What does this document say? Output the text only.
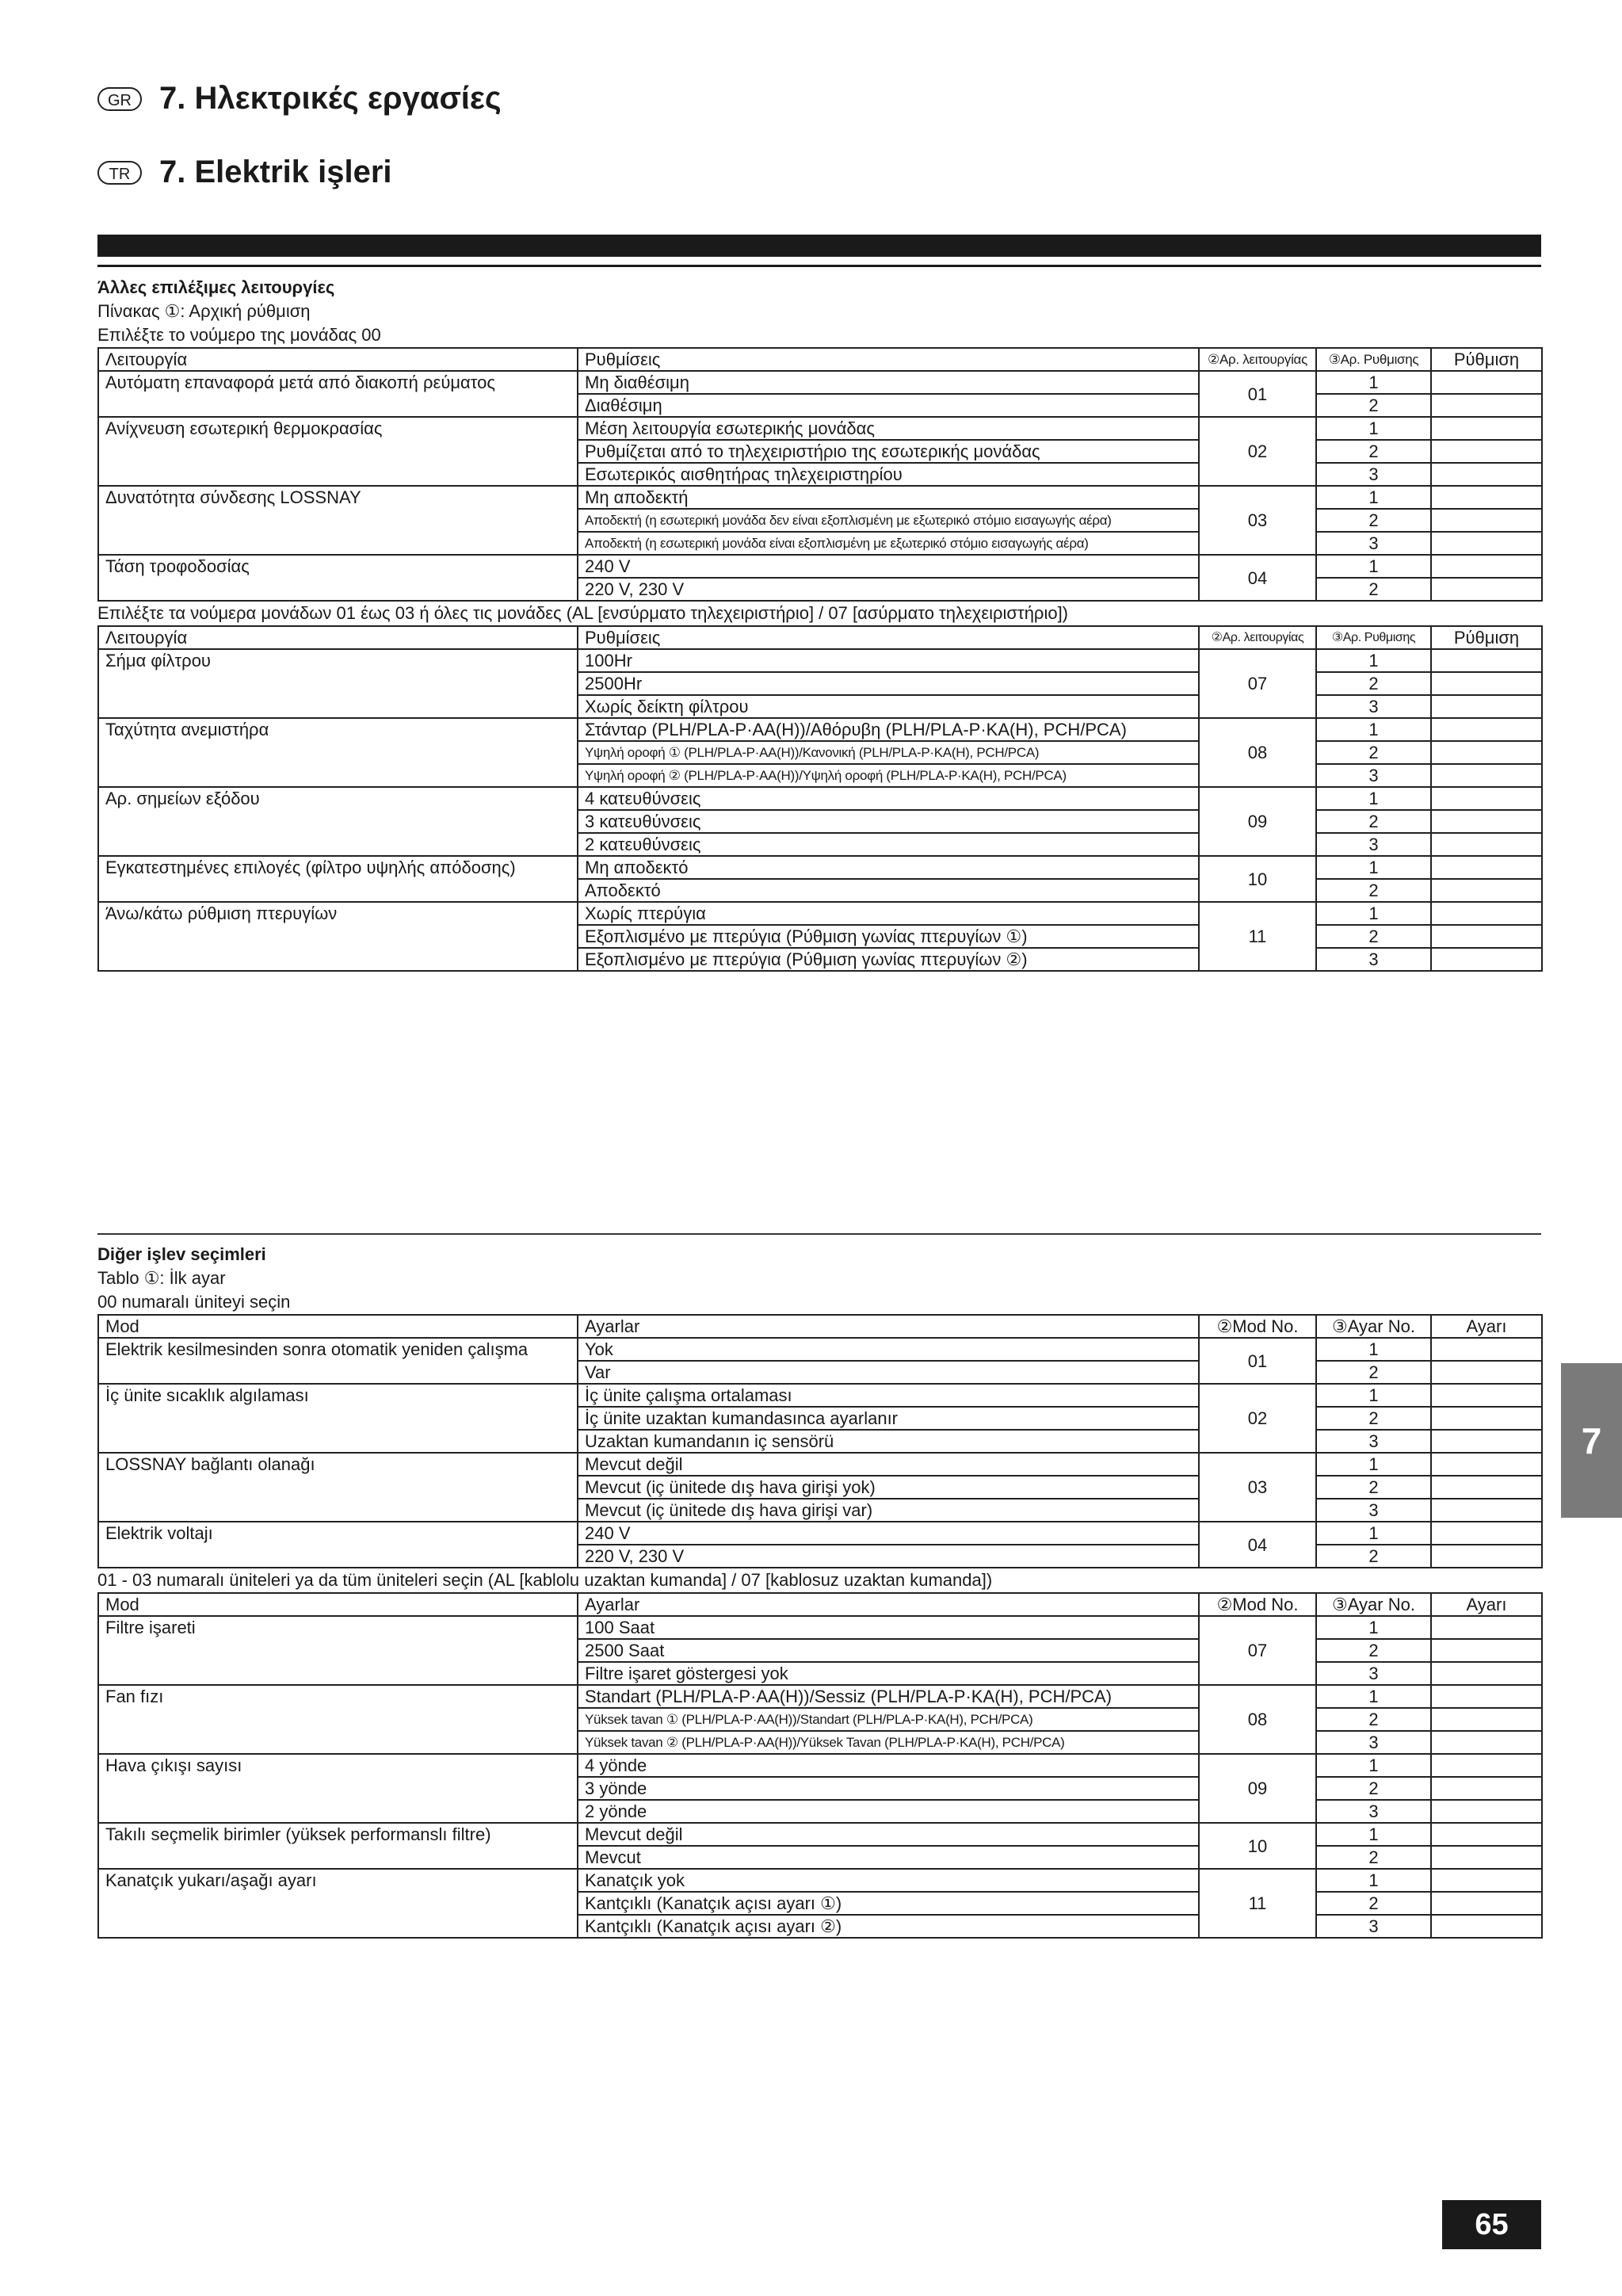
GR 7. Ηλεκτρικές εργασίες
TR 7. Elektrik işleri
Άλλες επιλέξιμες λειτουργίες
Πίνακας ①: Αρχική ρύθμιση
Επιλέξτε το νούμερο της μονάδας 00
Λειτουργία	Ρυθμίσεις	②Αρ. λειτουργίας	③Αρ. Ρυθμισης	Ρύθμιση
Αυτόματη επαναφορά μετά από διακοπή ρεύματος	Μη διαθέσιμη	01	1	
	Διαθέσιμη		2	
Ανίχνευση εσωτερική θερμοκρασίας	Μέση λειτουργία εσωτερικής μονάδας	02	1	
	Ρυθμίζεται από το τηλεχειριστήριο της εσωτερικής μονάδας		2	
	Εσωτερικός αισθητήρας τηλεχειριστηρίου		3	
Δυνατότητα σύνδεσης LOSSNAY	Μη αποδεκτή	03	1	
	Αποδεκτή (η εσωτερική μονάδα δεν είναι εξοπλισμένη με εξωτερικό στόμιο εισαγωγής αέρα)		2	
	Αποδεκτή (η εσωτερική μονάδα είναι εξοπλισμένη με εξωτερικό στόμιο εισαγωγής αέρα)		3	
Τάση τροφοδοσίας	240 V	04	1	
	220 V, 230 V		2	
Επιλέξτε τα νούμερα μονάδων 01 έως 03 ή όλες τις μονάδες (AL [ενσύρματο τηλεχειριστήριο] / 07 [ασύρματο τηλεχειριστήριο])
Λειτουργία	Ρυθμίσεις	②Αρ. λειτουργίας	③Αρ. Ρυθμισης	Ρύθμιση
Σήμα φίλτρου	100Hr	07	1	
	2500Hr		2	
	Χωρίς δείκτη φίλτρου		3	
Ταχύτητα ανεμιστήρα	Στάνταρ (PLH/PLA-P·AA(H))/Αθόρυβη (PLH/PLA-P·KA(H), PCH/PCA)	08	1	
	Υψηλή οροφή ① (PLH/PLA-P·AA(H))/Κανονική (PLH/PLA-P·KA(H), PCH/PCA)		2	
	Υψηλή οροφή ② (PLH/PLA-P·AA(H))/Υψηλή οροφή (PLH/PLA-P·KA(H), PCH/PCA)		3	
Αρ. σημείων εξόδου	4 κατευθύνσεις	09	1	
	3 κατευθύνσεις		2	
	2 κατευθύνσεις		3	
Εγκατεστημένες επιλογές (φίλτρο υψηλής απόδοσης)	Μη αποδεκτό	10	1	
	Αποδεκτό		2	
Άνω/κάτω ρύθμιση πτερυγίων	Χωρίς πτερύγια	11	1	
	Εξοπλισμένο με πτερύγια (Ρύθμιση γωνίας πτερυγίων ①)		2	
	Εξοπλισμένο με πτερύγια (Ρύθμιση γωνίας πτερυγίων ②)		3	
Diğer işlev seçimleri
Tablo ①: İlk ayar
00 numaralı üniteyi seçin
Mod	Ayarlar	②Mod No.	③Ayar No.	Ayarı
Elektrik kesilmesinden sonra otomatik yeniden çalışma	Yok	01	1	
	Var		2	
İç ünite sıcaklık algılaması	İç ünite çalışma ortalaması	02	1	
	İç ünite uzaktan kumandasınca ayarlanır		2	
	Uzaktan kumandanın iç sensörü		3	
LOSSNAY bağlantı olanağı	Mevcut değil	03	1	
	Mevcut (iç ünitede dış hava girişi yok)		2	
	Mevcut (iç ünitede dış hava girişi var)		3	
Elektrik voltajı	240 V	04	1	
	220 V, 230 V		2	
01 - 03 numaralı üniteleri ya da tüm üniteleri seçin (AL [kablolu uzaktan kumanda] / 07 [kablosuz uzaktan kumanda])
Mod	Ayarlar	②Mod No.	③Ayar No.	Ayarı
Filtre işareti	100 Saat	07	1	
	2500 Saat		2	
	Filtre işaret göstergesi yok		3	
Fan fızı	Standart (PLH/PLA-P·AA(H))/Sessiz (PLH/PLA-P·KA(H), PCH/PCA)	08	1	
	Yüksek tavan ① (PLH/PLA-P·AA(H))/Standart (PLH/PLA-P·KA(H), PCH/PCA)		2	
	Yüksek tavan ② (PLH/PLA-P·AA(H))/Yüksek Tavan (PLH/PLA-P·KA(H), PCH/PCA)		3	
Hava çıkışı sayısı	4 yönde	09	1	
	3 yönde		2	
	2 yönde		3	
Takılı seçmelik birimler (yüksek performanslı filtre)	Mevcut değil	10	1	
	Mevcut		2	
Kanatçık yukarı/aşağı ayarı	Kanatçık yok	11	1	
	Kantçıklı (Kanatçık açısı ayarı ①)		2	
	Kantçıklı (Kanatçık açısı ayarı ②)		3	
7
65
